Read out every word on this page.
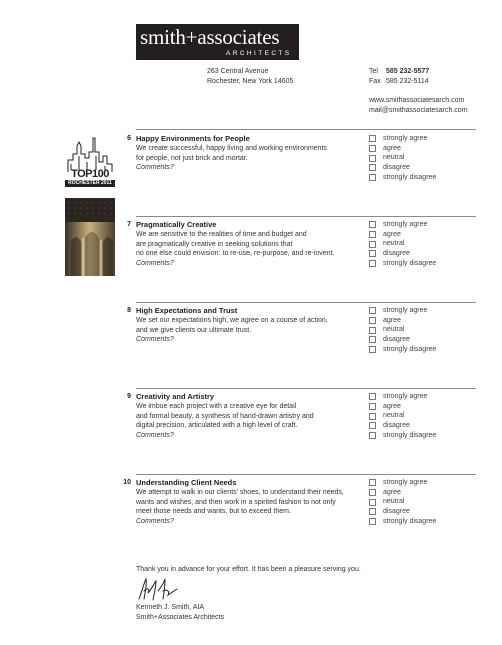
smith+associates
ARCHITECTS
263 Central Avenue
Rochester, New York 14605
Tel 585 232-5577
Fax 585 232-5114
www.smithassociatesarch.com
mail@smithassociatesarch.com
TOP100
ROCHESTER 2011
6 Happy Environments for People
We create successful, happy living and working environments
for people, not just brick and mortar.
Comments?
strongly agree
agree
neutral
disagree
strongly disagree
7 Pragmatically Creative
We are sensitive to the realities of time and budget and
are pragmatically creative in seeking solutions that
no one else could envision: to re-use, re-purpose, and re-invent.
Comments?
strongly agree
agree
neutral
disagree
strongly disagree
8 High Expectations and Trust
We set our expectations high, we agree on a course of action,
and we give clients our ultimate trust.
Comments?
strongly agree
agree
neutral
disagree
strongly disagree
9 Creativity and Artistry
We imbue each project with a creative eye for detail
and formal beauty, a synthesis of hand-drawn artistry and
digital precision, articulated with a high level of craft.
Comments?
strongly agree
agree
neutral
disagree
strongly disagree
10 Understanding Client Needs
We attempt to walk in our clients' shoes, to understand their needs,
wants and wishes, and then work in a spirited fashion to not only
meet those needs and wants, but to exceed them.
Comments?
strongly agree
agree
neutral
disagree
strongly disagree
Thank you in advance for your effort. It has been a pleasure serving you.
Kenneth J. Smith, AIA
Smith+Associates Architects
